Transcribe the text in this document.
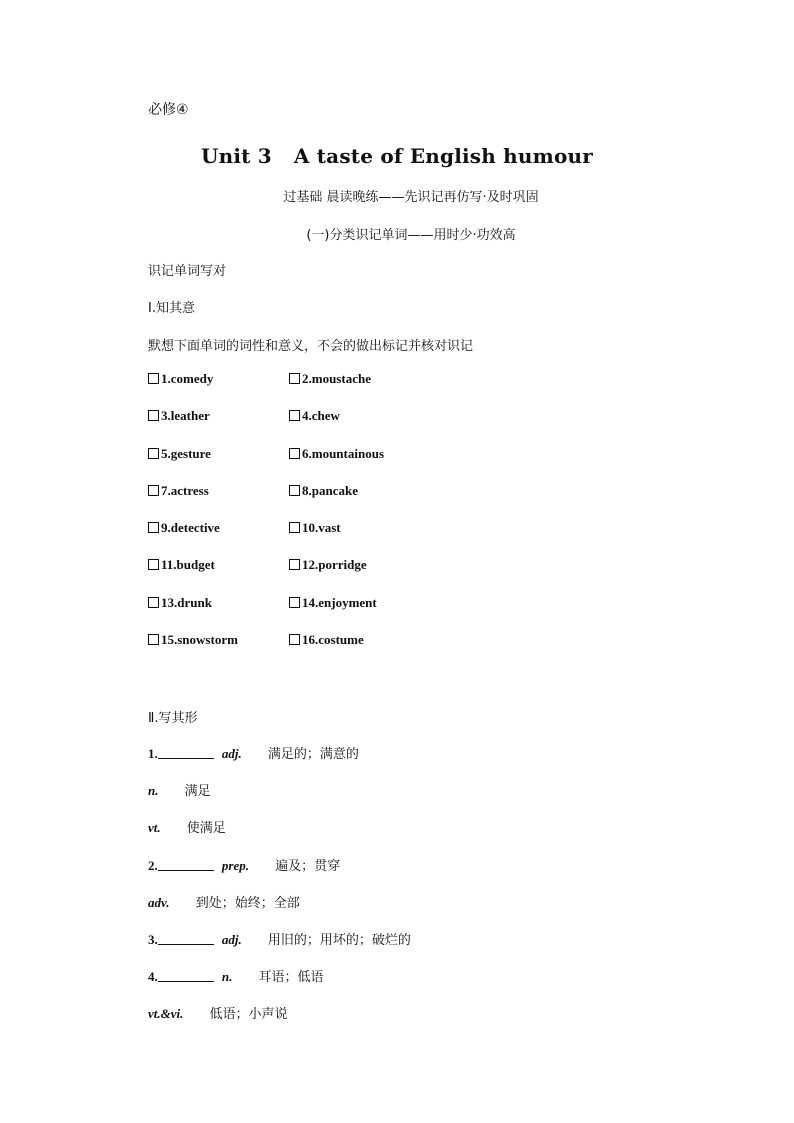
必修④
Unit 3 A taste of English humour
过基础 晨读晚练——先识记再仿写·及时巩固
(一)分类识记单词——用时少·功效高
识记单词写对
Ⅰ.知其意
默想下面单词的词性和意义，不会的做出标记并核对识记
1.comedy	2.moustache
3.leather	4.chew
5.gesture	6.mountainous
7.actress	8.pancake
9.detective	10.vast
11.budget	12.porridge
13.drunk	14.enjoyment
15.snowstorm	16.costume
Ⅱ.写其形
1.	adj. 满足的；满意的
n. 满足
vt. 使满足
2.	prep. 遍及；贯穿
adv. 到处；始终；全部
3.	adj. 用旧的；用坏的；破烂的
4.	n. 耳语；低语
vt.&vi. 低语；小声说
